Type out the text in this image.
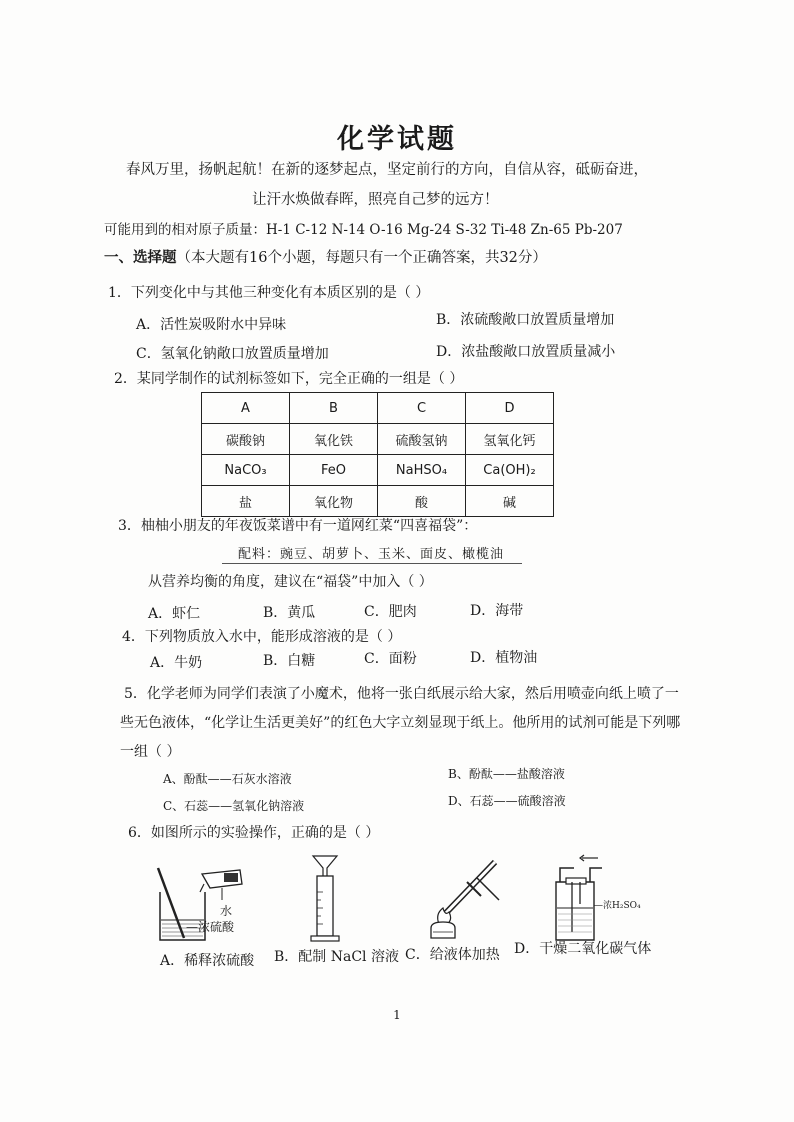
化学试题
春风万里，扬帆起航！在新的逐梦起点，坚定前行的方向，自信从容，砥砺奋进，
让汗水焕做春晖，照亮自己梦的远方！
可能用到的相对原子质量：H-1 C-12 N-14 O-16 Mg-24 S-32 Ti-48 Zn-65 Pb-207
一、选择题（本大题有16个小题，每题只有一个正确答案，共32分）
1．下列变化中与其他三种变化有本质区别的是（ ）
A．活性炭吸附水中异味	B．浓硫酸敞口放置质量增加
C．氢氧化钠敞口放置质量增加	D．浓盐酸敞口放置质量减小
2．某同学制作的试剂标签如下，完全正确的一组是（ ）
A	B	C	D
碳酸钠	氧化铁	硫酸氢钠	氢氧化钙
NaCO₃	FeO	NaHSO₄	Ca(OH)₂
盐	氧化物	酸	碱
3．柚柚小朋友的年夜饭菜谱中有一道网红菜“四喜福袋”：
配料：豌豆、胡萝卜、玉米、面皮、橄榄油
从营养均衡的角度，建议在“福袋”中加入（ ）
A．虾仁	B．黄瓜	C．肥肉	D．海带
4．下列物质放入水中，能形成溶液的是（ ）
A．牛奶	B．白糖	C．面粉	D．植物油
5．化学老师为同学们表演了小魔术，他将一张白纸展示给大家，然后用喷壶向纸上喷了一
些无色液体，“化学让生活更美好”的红色大字立刻显现于纸上。他所用的试剂可能是下列哪
一组（ ）
A、酚酞——石灰水溶液	B、酚酞——盐酸溶液
C、石蕊——氢氧化钠溶液	D、石蕊——硫酸溶液
6．如图所示的实验操作，正确的是（ ）
水
—浓硫酸
—浓H₂SO₄
A．稀释浓硫酸 B．配制 NaCl 溶液 C．给液体加热 D．干燥二氧化碳气体
1
